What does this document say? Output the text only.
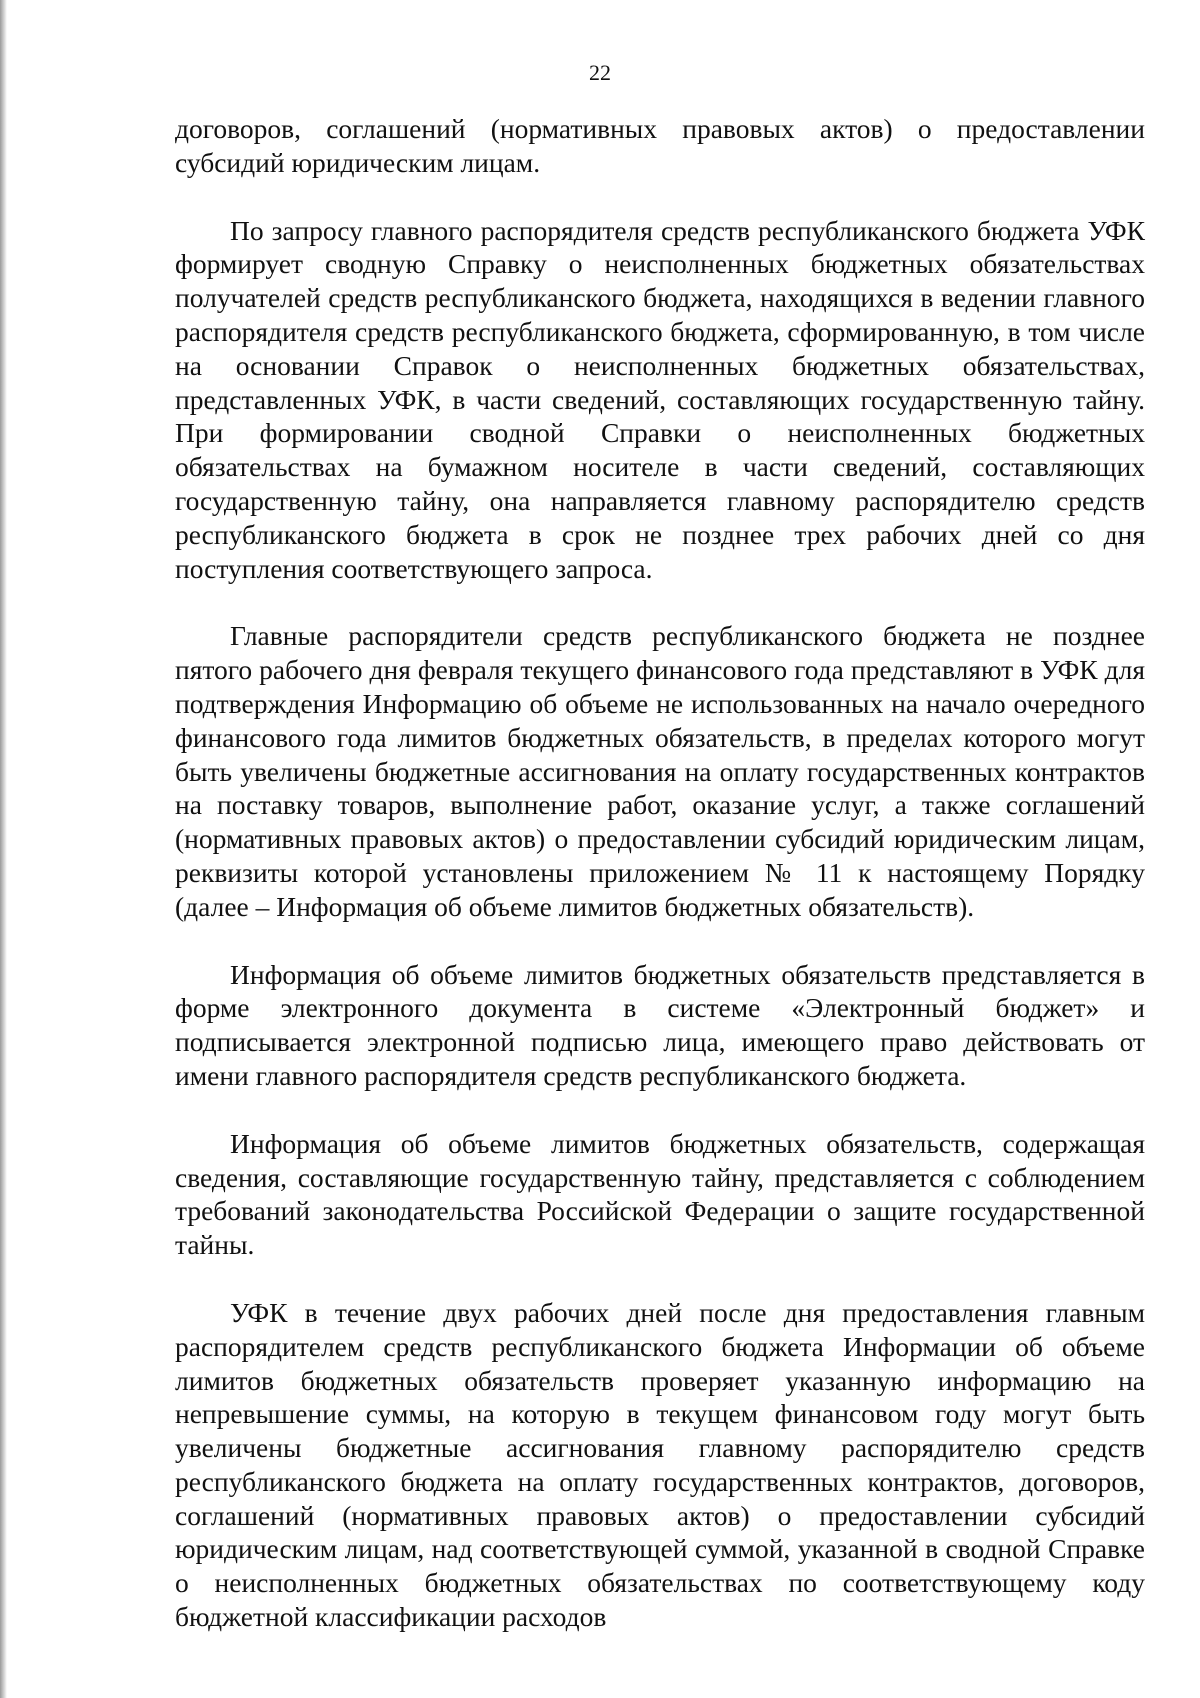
22

договоров, соглашений (нормативных правовых актов) о предоставлении субсидий юридическим лицам.

По запросу главного распорядителя средств республиканского бюджета УФК формирует сводную Справку о неисполненных бюджетных обязательствах получателей средств республиканского бюджета, находящихся в ведении главного распорядителя средств республиканского бюджета, сформированную, в том числе на основании Справок о неисполненных бюджетных обязательствах, представленных УФК, в части сведений, составляющих государственную тайну. При формировании сводной Справки о неисполненных бюджетных обязательствах на бумажном носителе в части сведений, составляющих государственную тайну, она направляется главному распорядителю средств республиканского бюджета в срок не позднее трех рабочих дней со дня поступления соответствующего запроса.

Главные распорядители средств республиканского бюджета не позднее пятого рабочего дня февраля текущего финансового года представляют в УФК для подтверждения Информацию об объеме не использованных на начало очередного финансового года лимитов бюджетных обязательств, в пределах которого могут быть увеличены бюджетные ассигнования на оплату государственных контрактов на поставку товаров, выполнение работ, оказание услуг, а также соглашений (нормативных правовых актов) о предоставлении субсидий юридическим лицам, реквизиты которой установлены приложением № 11 к настоящему Порядку (далее – Информация об объеме лимитов бюджетных обязательств).

Информация об объеме лимитов бюджетных обязательств представляется в форме электронного документа в системе «Электронный бюджет» и подписывается электронной подписью лица, имеющего право действовать от имени главного распорядителя средств республиканского бюджета.

Информация об объеме лимитов бюджетных обязательств, содержащая сведения, составляющие государственную тайну, представляется с соблюдением требований законодательства Российской Федерации о защите государственной тайны.

УФК в течение двух рабочих дней после дня предоставления главным распорядителем средств республиканского бюджета Информации об объеме лимитов бюджетных обязательств проверяет указанную информацию на непревышение суммы, на которую в текущем финансовом году могут быть увеличены бюджетные ассигнования главному распорядителю средств республиканского бюджета на оплату государственных контрактов, договоров, соглашений (нормативных правовых актов) о предоставлении субсидий юридическим лицам, над соответствующей суммой, указанной в сводной Справке о неисполненных бюджетных обязательствах по соответствующему коду бюджетной классификации расходов
